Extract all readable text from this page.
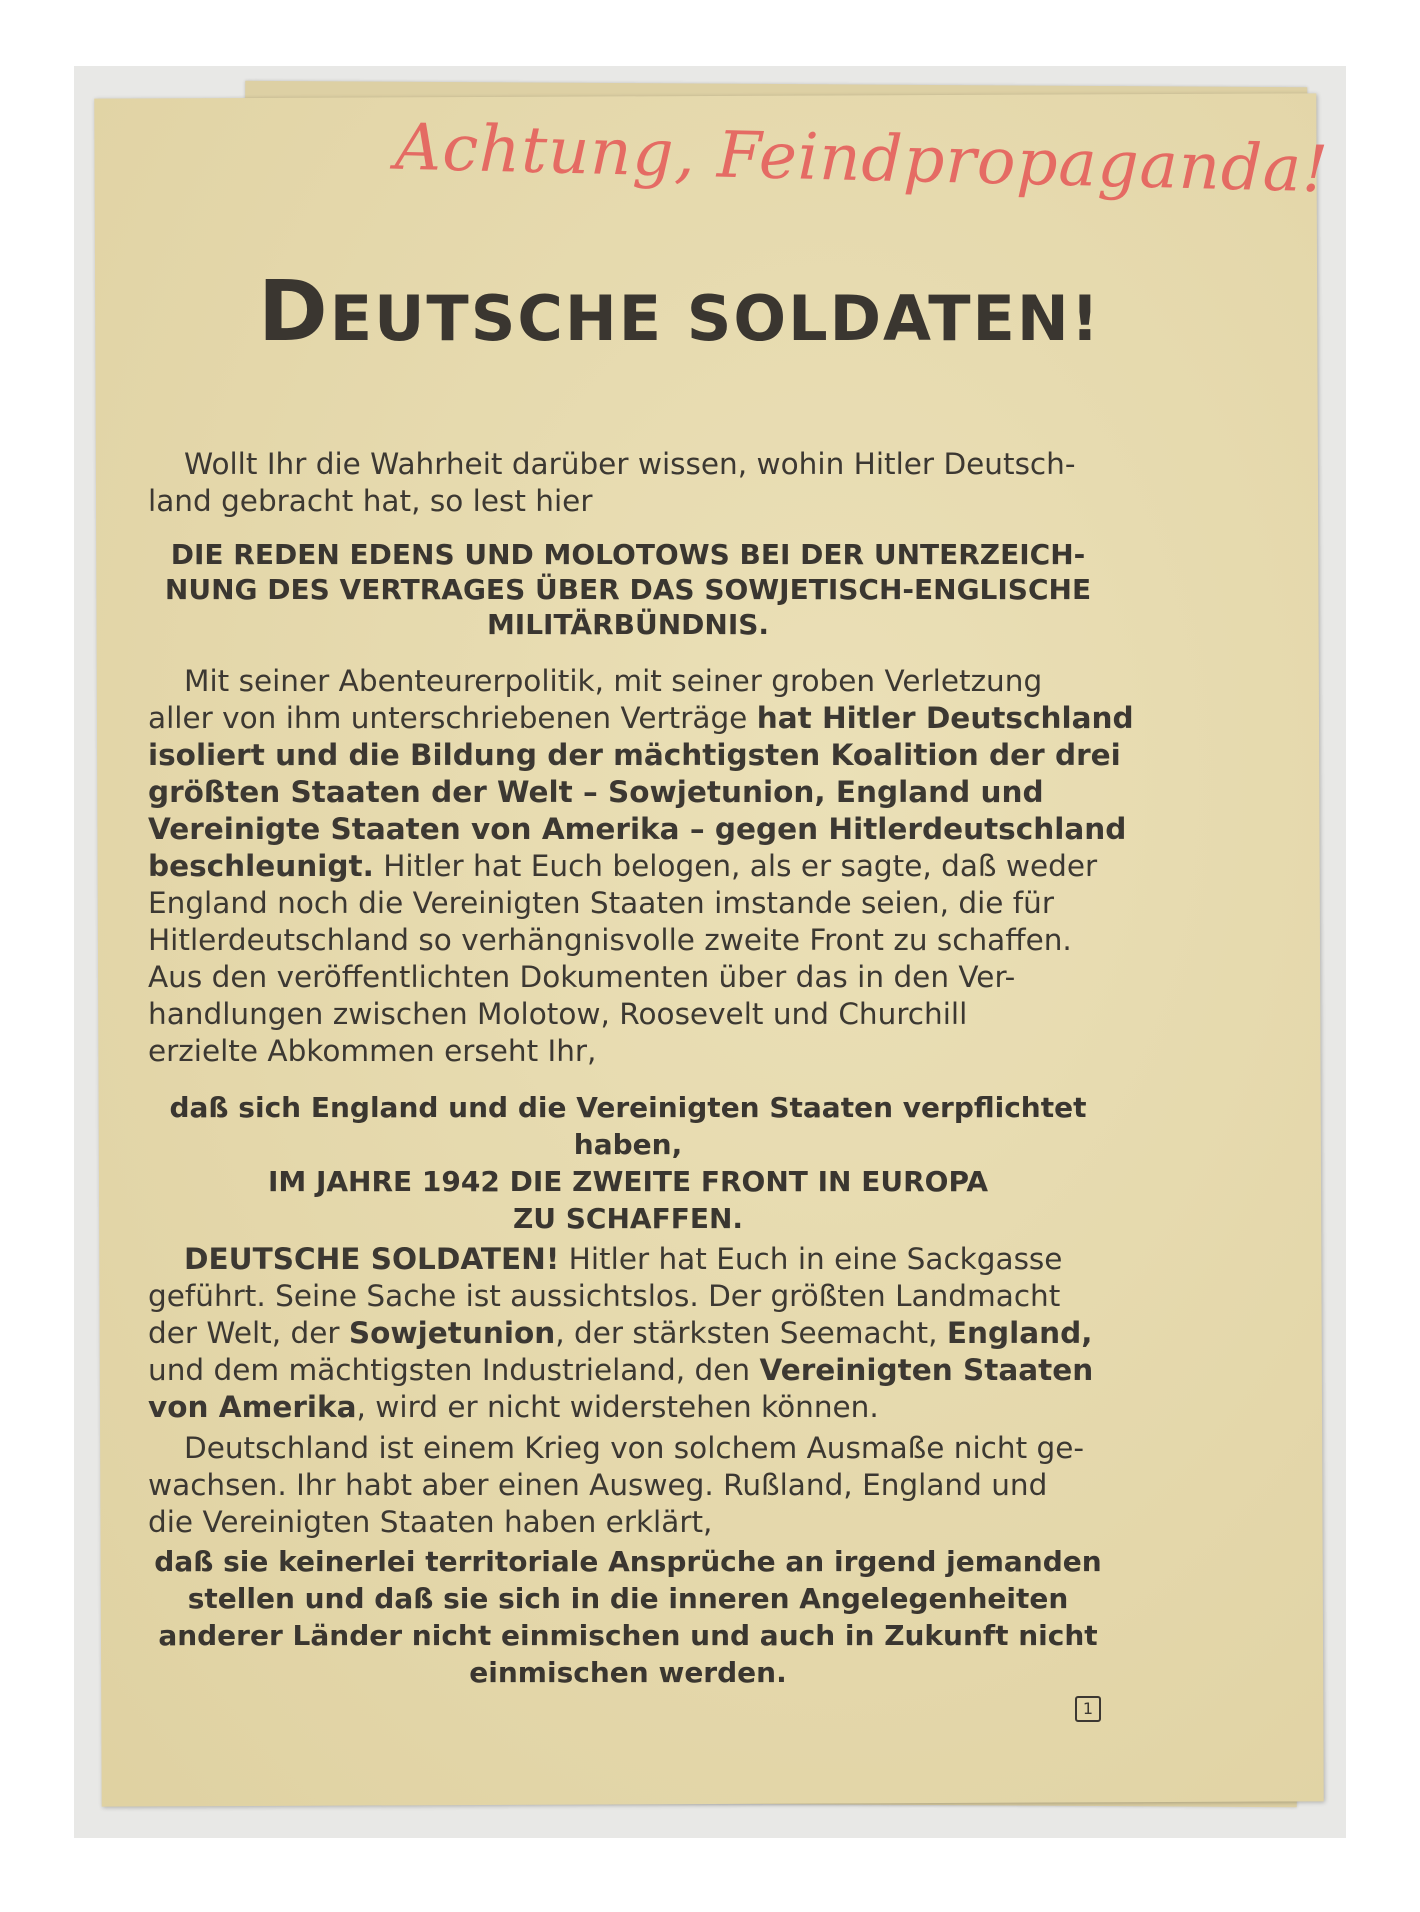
Achtung, Feindpropaganda!
DEUTSCHE SOLDATEN!
Wollt Ihr die Wahrheit darüber wissen, wohin Hitler Deutsch-
land gebracht hat, so lest hier
DIE REDEN EDENS UND MOLOTOWS BEI DER UNTERZEICH-
NUNG DES VERTRAGES ÜBER DAS SOWJETISCH-ENGLISCHE
MILITÄRBÜNDNIS.
Mit seiner Abenteurerpolitik, mit seiner groben Verletzung
aller von ihm unterschriebenen Verträge hat Hitler Deutschland
isoliert und die Bildung der mächtigsten Koalition der drei
größten Staaten der Welt – Sowjetunion, England und
Vereinigte Staaten von Amerika – gegen Hitlerdeutschland
beschleunigt. Hitler hat Euch belogen, als er sagte, daß weder
England noch die Vereinigten Staaten imstande seien, die für
Hitlerdeutschland so verhängnisvolle zweite Front zu schaffen.
Aus den veröffentlichten Dokumenten über das in den Ver-
handlungen zwischen Molotow, Roosevelt und Churchill
erzielte Abkommen erseht Ihr,
daß sich England und die Vereinigten Staaten verpflichtet
haben,
IM JAHRE 1942 DIE ZWEITE FRONT IN EUROPA
ZU SCHAFFEN.
DEUTSCHE SOLDATEN! Hitler hat Euch in eine Sackgasse
geführt. Seine Sache ist aussichtslos. Der größten Landmacht
der Welt, der Sowjetunion, der stärksten Seemacht, England,
und dem mächtigsten Industrieland, den Vereinigten Staaten
von Amerika, wird er nicht widerstehen können.
Deutschland ist einem Krieg von solchem Ausmaße nicht ge-
wachsen. Ihr habt aber einen Ausweg. Rußland, England und
die Vereinigten Staaten haben erklärt,
daß sie keinerlei territoriale Ansprüche an irgend jemanden
stellen und daß sie sich in die inneren Angelegenheiten
anderer Länder nicht einmischen und auch in Zukunft nicht
einmischen werden.
1
